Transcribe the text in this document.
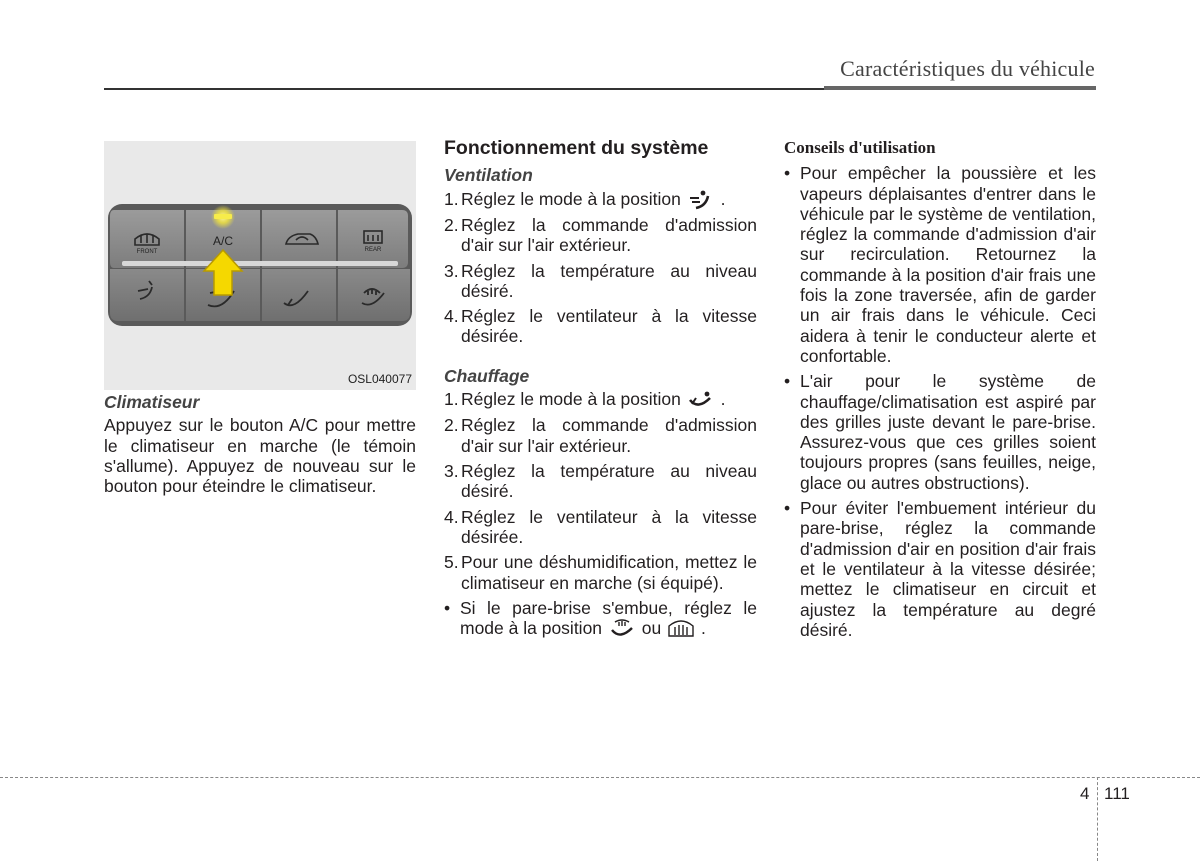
Caractéristiques du véhicule
FRONT
A/C
REAR
OSL040077

Climatiseur

Appuyez sur le bouton A/C pour mettre le climatiseur en marche (le témoin s'allume). Appuyez de nouveau sur le bouton pour éteindre le climatiseur.

Fonctionnement du système

Ventilation

1. Réglez le mode à la position .
2. Réglez la commande d'admission d'air sur l'air extérieur.
3. Réglez la température au niveau désiré.
4. Réglez le ventilateur à la vitesse désirée.

Chauffage

1. Réglez le mode à la position .
2. Réglez la commande d'admission d'air sur l'air extérieur.
3. Réglez la température au niveau désiré.
4. Réglez le ventilateur à la vitesse désirée.
5. Pour une déshumidification, mettez le climatiseur en marche (si équipé).
• Si le pare-brise s'embue, réglez le mode à la position ou .

Conseils d'utilisation

• Pour empêcher la poussière et les vapeurs déplaisantes d'entrer dans le véhicule par le système de ventilation, réglez la commande d'admission d'air sur recirculation. Retournez la commande à la position d'air frais une fois la zone traversée, afin de garder un air frais dans le véhicule. Ceci aidera à tenir le conducteur alerte et confortable.
• L'air pour le système de chauffage/climatisation est aspiré par des grilles juste devant le pare-brise. Assurez-vous que ces grilles soient toujours propres (sans feuilles, neige, glace ou autres obstructions).
• Pour éviter l'embuement intérieur du pare-brise, réglez la commande d'admission d'air en position d'air frais et le ventilateur à la vitesse désirée; mettez le climatiseur en circuit et ajustez la température au degré désiré.
4 111
